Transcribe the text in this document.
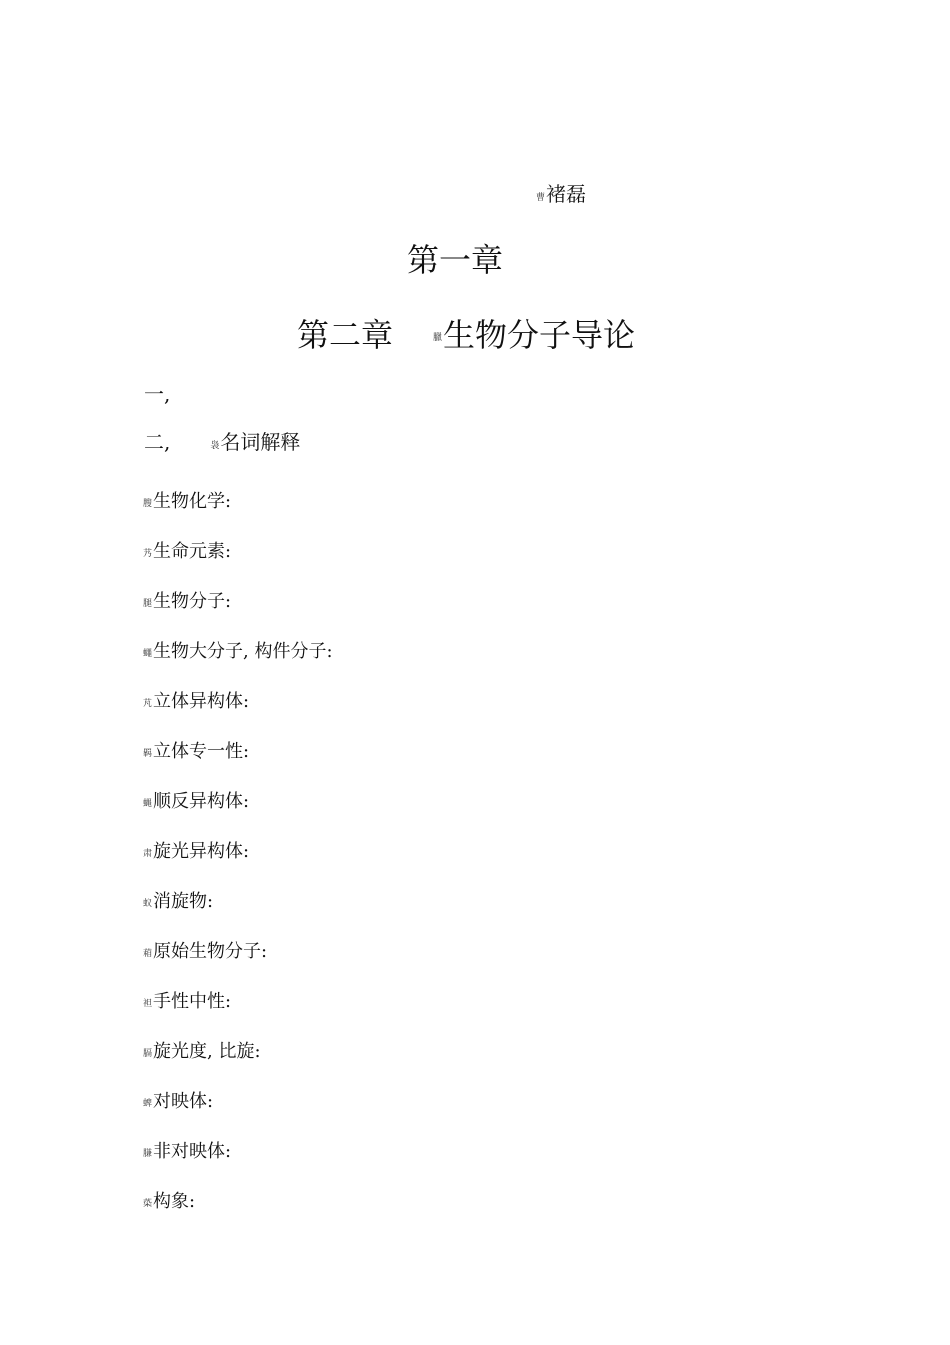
曹褚磊
第一章
第二章	臘生物分子导论
一,
二,	袅名词解释
膄生物化学:
艿生命元素:
腿生物分子:
蠅生物大分子, 构件分子:
芃立体异构体:
羁立体专一性:
蝿顺反异构体:
肃旋光异构体:
蚁消旋物:
葙原始生物分子:
袒手性中性:
膈旋光度, 比旋:
蜱对映体:
膁非对映体:
蒅构象:
